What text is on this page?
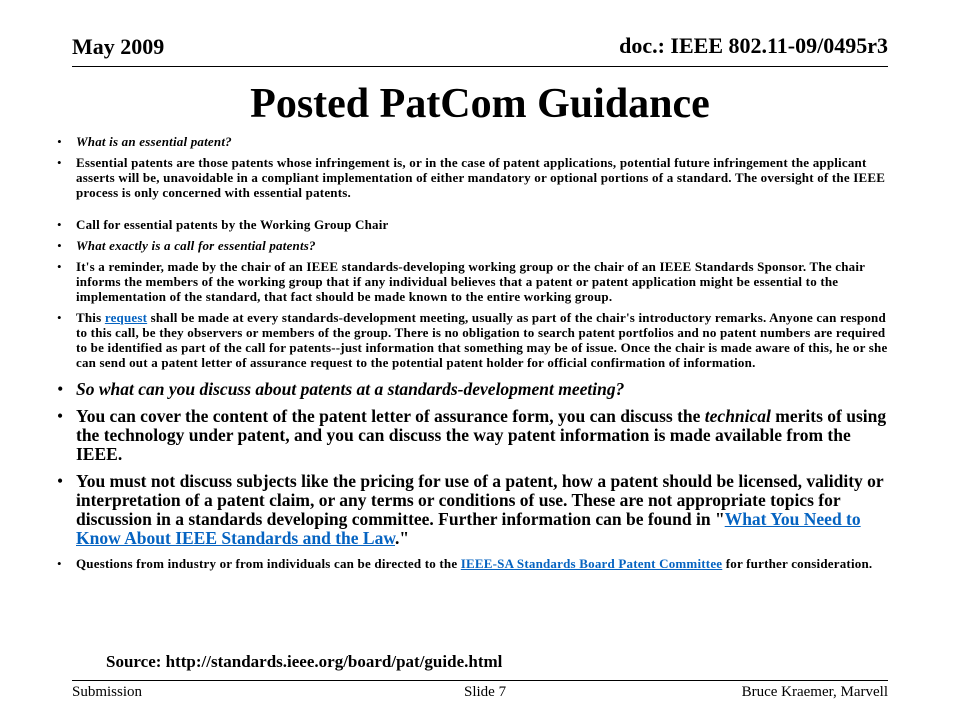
May 2009	doc.: IEEE 802.11-09/0495r3
Posted PatCom Guidance
• What is an essential patent?
• Essential patents are those patents whose infringement is, or in the case of patent applications, potential future infringement the applicant asserts will be, unavoidable in a compliant implementation of either mandatory or optional portions of a standard. The oversight of the IEEE process is only concerned with essential patents.
• Call for essential patents by the Working Group Chair
• What exactly is a call for essential patents?
• It's a reminder, made by the chair of an IEEE standards-developing working group or the chair of an IEEE Standards Sponsor. The chair informs the members of the working group that if any individual believes that a patent or patent application might be essential to the implementation of the standard, that fact should be made known to the entire working group.
• This request shall be made at every standards-development meeting, usually as part of the chair's introductory remarks. Anyone can respond to this call, be they observers or members of the group. There is no obligation to search patent portfolios and no patent numbers are required to be identified as part of the call for patents--just information that something may be of issue. Once the chair is made aware of this, he or she can send out a patent letter of assurance request to the potential patent holder for official confirmation of information.
• So what can you discuss about patents at a standards-development meeting?
• You can cover the content of the patent letter of assurance form, you can discuss the technical merits of using the technology under patent, and you can discuss the way patent information is made available from the IEEE.
• You must not discuss subjects like the pricing for use of a patent, how a patent should be licensed, validity or interpretation of a patent claim, or any terms or conditions of use. These are not appropriate topics for discussion in a standards developing committee. Further information can be found in "What You Need to Know About IEEE Standards and the Law."
• Questions from industry or from individuals can be directed to the IEEE-SA Standards Board Patent Committee for further consideration.
Source: http://standards.ieee.org/board/pat/guide.html
Submission	Slide 7	Bruce Kraemer, Marvell
